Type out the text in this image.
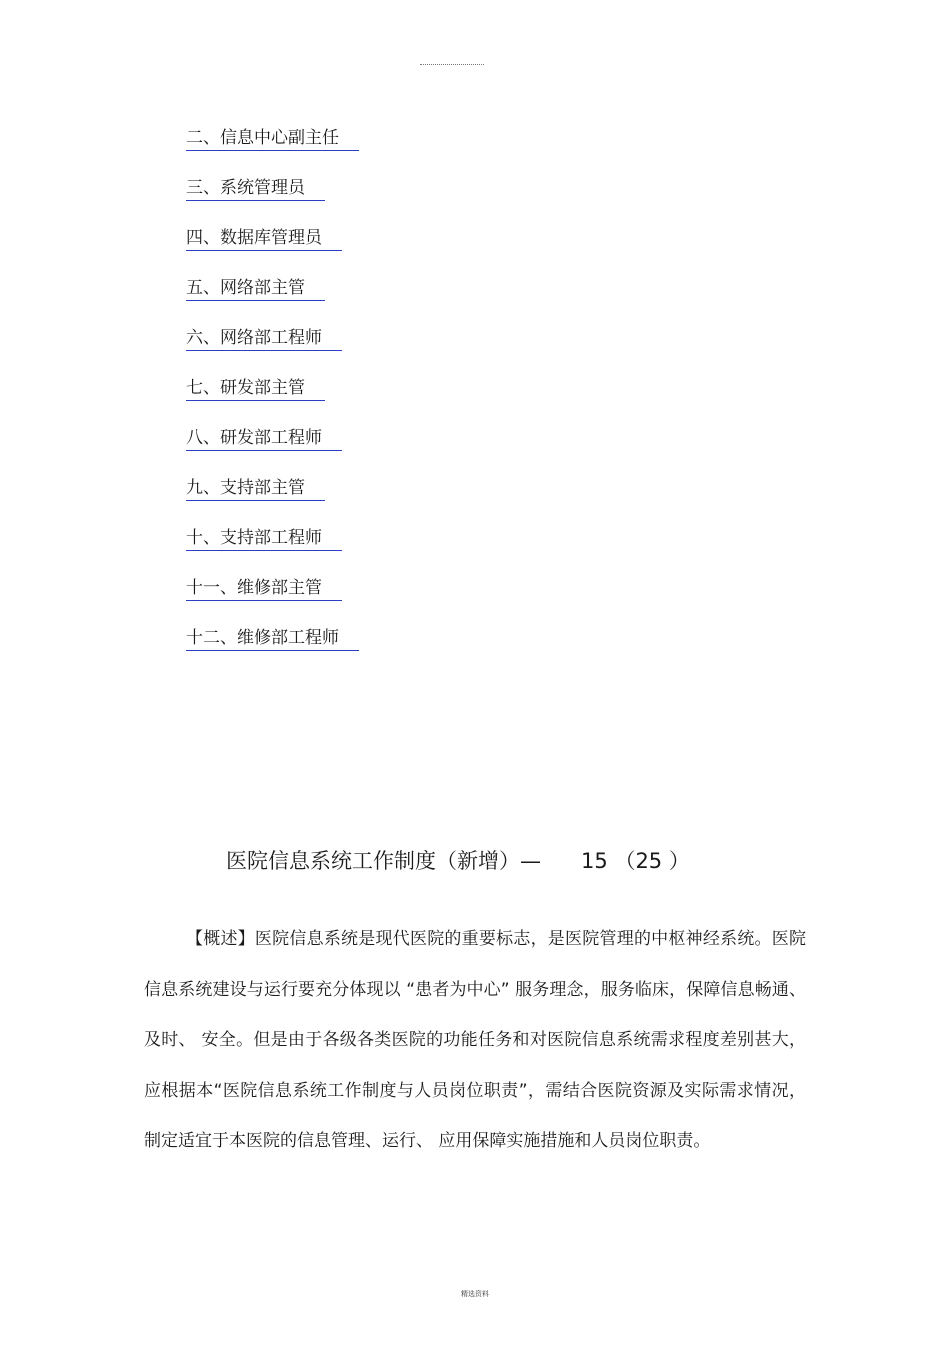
二、信息中心副主任
三、系统管理员
四、数据库管理员
五、网络部主管
六、网络部工程师
七、研发部主管
八、研发部工程师
九、支持部主管
十、支持部工程师
十一、维修部主管
十二、维修部工程师
医院信息系统工作制度（新增）—      15 （25 ）

【概述】医院信息系统是现代医院的重要标志，是医院管理的中枢神经系统。医院信息系统建设与运行要充分体现以 “患者为中心” 服务理念，服务临床，保障信息畅通、及时、 安全。但是由于各级各类医院的功能任务和对医院信息系统需求程度差别甚大，应根据本“医院信息系统工作制度与人员岗位职责”，需结合医院资源及实际需求情况，制定适宜于本医院的信息管理、运行、 应用保障实施措施和人员岗位职责。

精选资料
